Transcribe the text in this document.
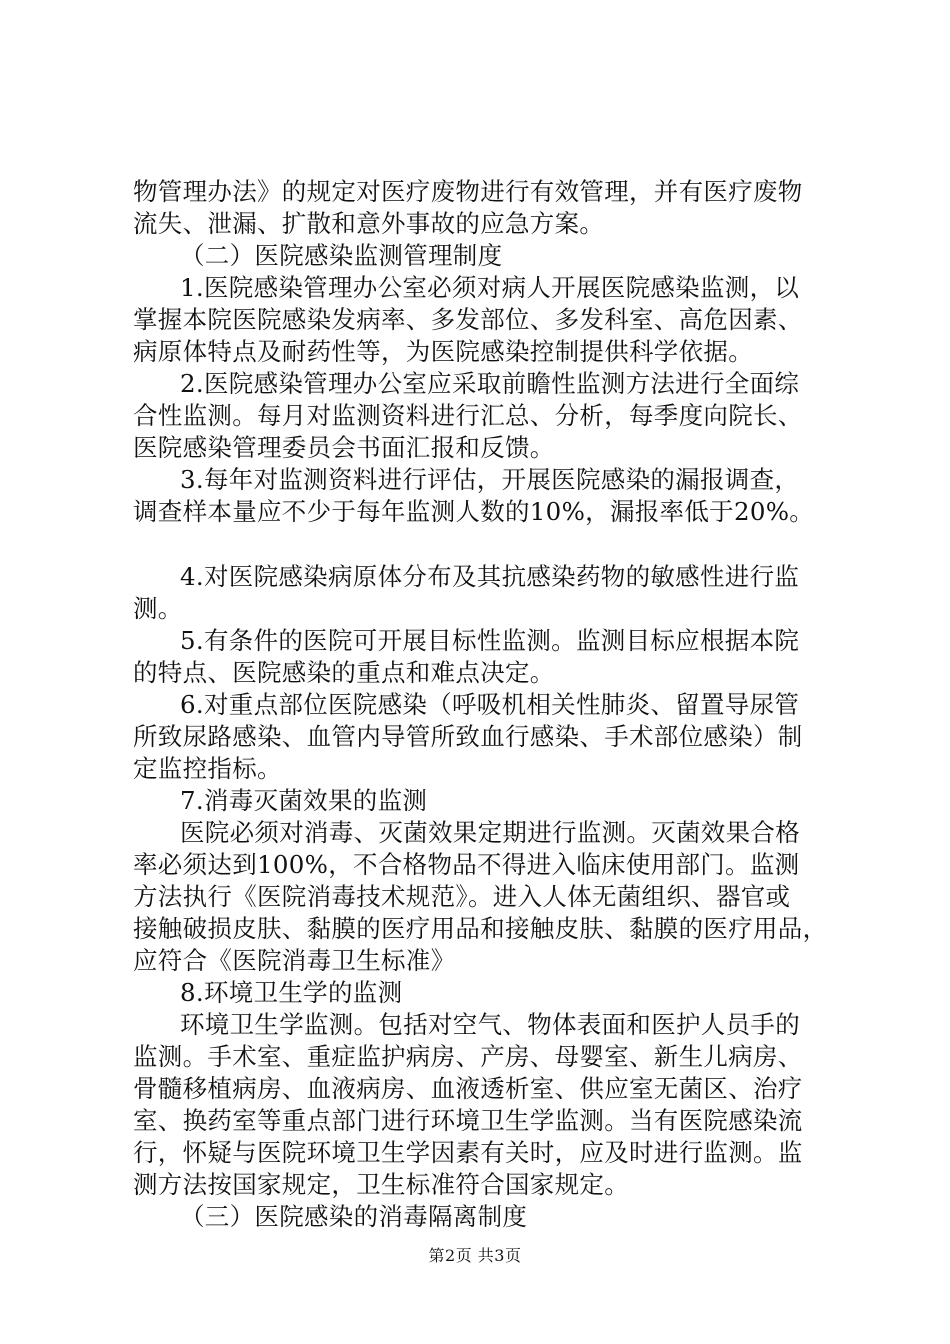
物管理办法》的规定对医疗废物进行有效管理，并有医疗废物
流失、泄漏、扩散和意外事故的应急方案。
（二）医院感染监测管理制度
1.医院感染管理办公室必须对病人开展医院感染监测，以
掌握本院医院感染发病率、多发部位、多发科室、高危因素、
病原体特点及耐药性等，为医院感染控制提供科学依据。
2.医院感染管理办公室应采取前瞻性监测方法进行全面综
合性监测。每月对监测资料进行汇总、分析，每季度向院长、
医院感染管理委员会书面汇报和反馈。
3.每年对监测资料进行评估，开展医院感染的漏报调查，
调查样本量应不少于每年监测人数的10%，漏报率低于20%。
4.对医院感染病原体分布及其抗感染药物的敏感性进行监
测。
5.有条件的医院可开展目标性监测。监测目标应根据本院
的特点、医院感染的重点和难点决定。
6.对重点部位医院感染（呼吸机相关性肺炎、留置导尿管
所致尿路感染、血管内导管所致血行感染、手术部位感染）制
定监控指标。
7.消毒灭菌效果的监测
医院必须对消毒、灭菌效果定期进行监测。灭菌效果合格
率必须达到100%，不合格物品不得进入临床使用部门。监测
方法执行《医院消毒技术规范》。进入人体无菌组织、器官或
接触破损皮肤、黏膜的医疗用品和接触皮肤、黏膜的医疗用品，
应符合《医院消毒卫生标准》
8.环境卫生学的监测
环境卫生学监测。包括对空气、物体表面和医护人员手的
监测。手术室、重症监护病房、产房、母婴室、新生儿病房、
骨髓移植病房、血液病房、血液透析室、供应室无菌区、治疗
室、换药室等重点部门进行环境卫生学监测。当有医院感染流
行，怀疑与医院环境卫生学因素有关时，应及时进行监测。监
测方法按国家规定，卫生标准符合国家规定。
（三）医院感染的消毒隔离制度
第2页 共3页
